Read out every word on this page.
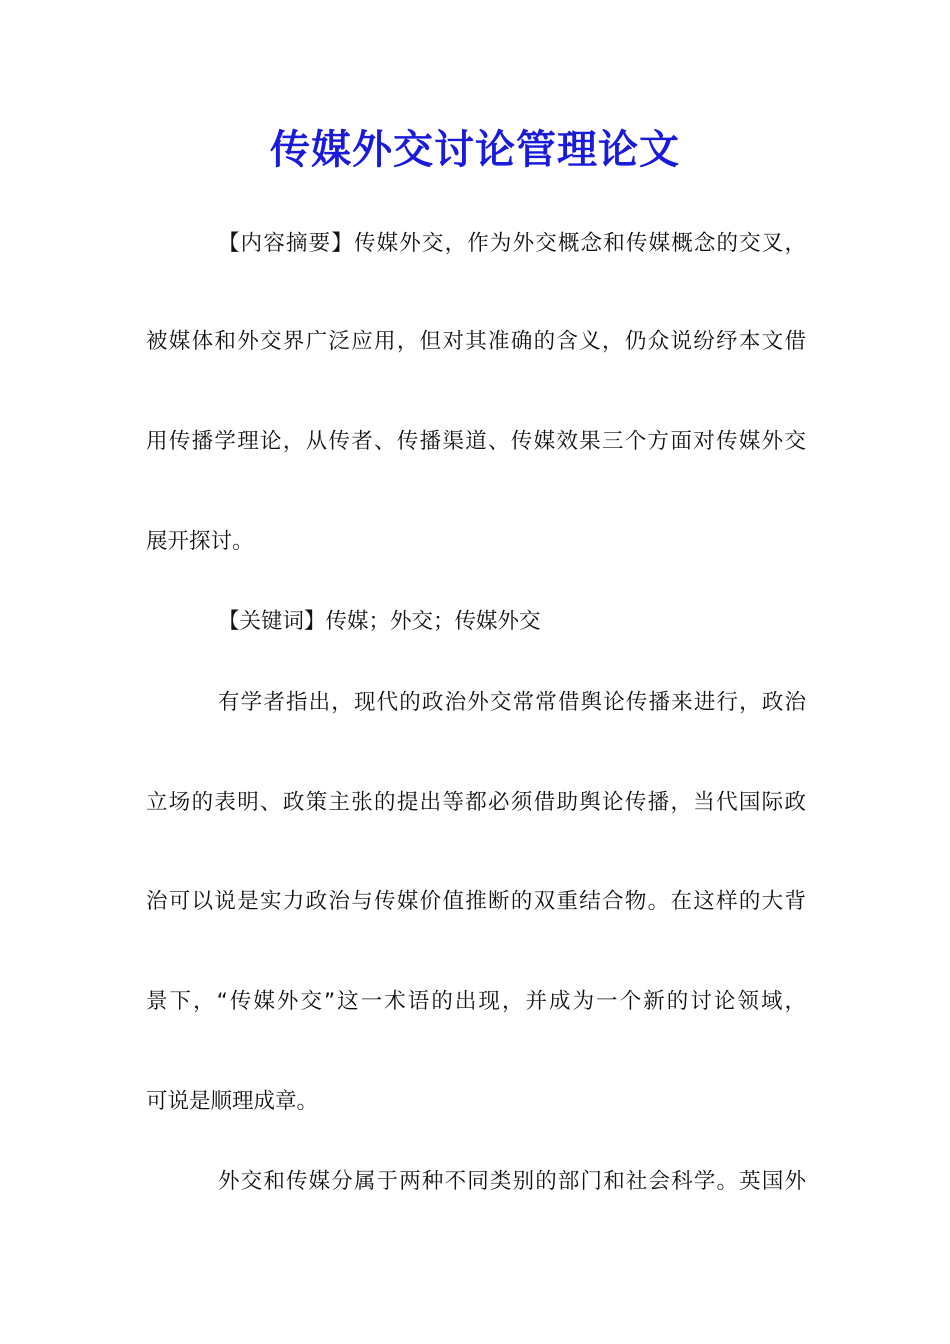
传媒外交讨论管理论文
【内容摘要】传媒外交，作为外交概念和传媒概念的交叉，
被媒体和外交界广泛应用，但对其准确的含义，仍众说纷纾本文借
用传播学理论，从传者、传播渠道、传媒效果三个方面对传媒外交
展开探讨。
【关键词】传媒；外交；传媒外交
有学者指出，现代的政治外交常常借舆论传播来进行，政治
立场的表明、政策主张的提出等都必须借助舆论传播，当代国际政
治可以说是实力政治与传媒价值推断的双重结合物。在这样的大背
景下，“传媒外交”这一术语的出现，并成为一个新的讨论领域，
可说是顺理成章。
外交和传媒分属于两种不同类别的部门和社会科学。英国外
